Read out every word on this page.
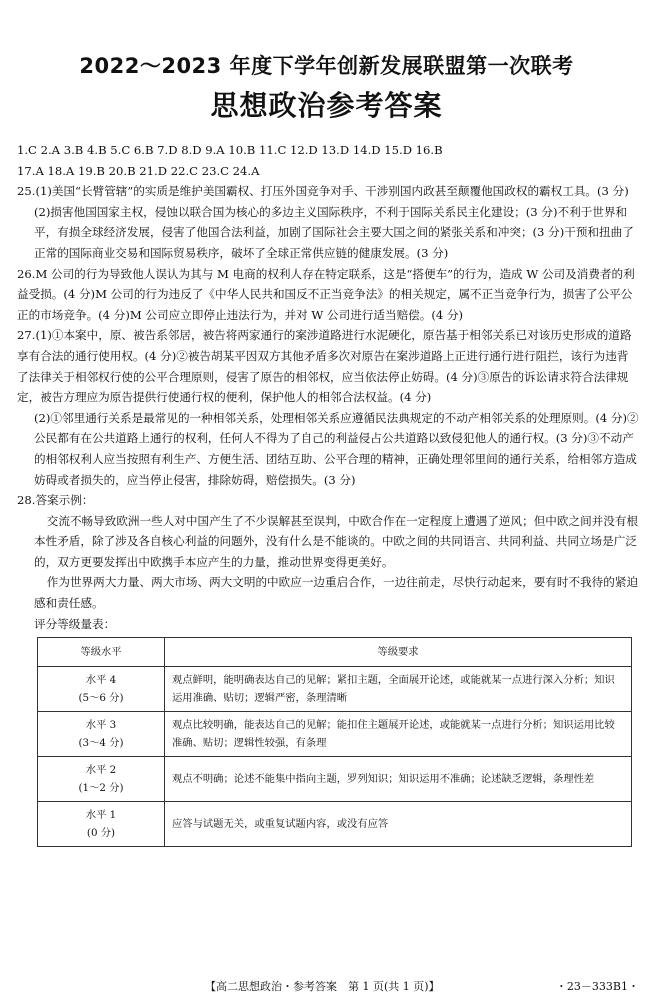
2022～2023 年度下学年创新发展联盟第一次联考
思想政治参考答案

1.C 2.A 3.B 4.B 5.C 6.B 7.D 8.D 9.A 10.B 11.C 12.D 13.D 14.D 15.D 16.B

17.A 18.A 19.B 20.B 21.D 22.C 23.C 24.A

25.(1)美国“长臂管辖”的实质是维护美国霸权、打压外国竞争对手、干涉别国内政甚至颠覆他国政权的霸权工具。(3 分)

(2)损害他国国家主权，侵蚀以联合国为核心的多边主义国际秩序，不利于国际关系民主化建设；(3 分)不利于世界和平，有损全球经济发展，侵害了他国合法利益，加剧了国际社会主要大国之间的紧张关系和冲突；(3 分)干预和扭曲了正常的国际商业交易和国际贸易秩序，破坏了全球正常供应链的健康发展。(3 分)

26.M 公司的行为导致他人误认为其与 M 电商的权利人存在特定联系，这是“搭便车”的行为，造成 W 公司及消费者的利益受损。(4 分)M 公司的行为违反了《中华人民共和国反不正当竞争法》的相关规定，属不正当竞争行为，损害了公平公正的市场竞争。(4 分)M 公司应立即停止违法行为，并对 W 公司进行适当赔偿。(4 分)

27.(1)①本案中，原、被告系邻居，被告将两家通行的案涉道路进行水泥硬化，原告基于相邻关系已对该历史形成的道路享有合法的通行使用权。(4 分)②被告胡某平因双方其他矛盾多次对原告在案涉道路上正进行通行进行阻拦，该行为违背了法律关于相邻权行使的公平合理原则，侵害了原告的相邻权，应当依法停止妨碍。(4 分)③原告的诉讼请求符合法律规定，被告方理应为原告提供行使通行权的便利，保护他人的相邻合法权益。(4 分)

(2)①邻里通行关系是最常见的一种相邻关系，处理相邻关系应遵循民法典规定的不动产相邻关系的处理原则。(4 分)②公民都有在公共道路上通行的权利，任何人不得为了自己的利益侵占公共道路以致侵犯他人的通行权。(3 分)③不动产的相邻权利人应当按照有利生产、方便生活、团结互助、公平合理的精神，正确处理邻里间的通行关系，给相邻方造成妨碍或者损失的，应当停止侵害，排除妨碍，赔偿损失。(3 分)

28.答案示例：

交流不畅导致欧洲一些人对中国产生了不少误解甚至误判，中欧合作在一定程度上遭遇了逆风；但中欧之间并没有根本性矛盾，除了涉及各自核心利益的问题外，没有什么是不能谈的。中欧之间的共同语言、共同利益、共同立场是广泛的，双方更要发挥出中欧携手本应产生的力量，推动世界变得更美好。

作为世界两大力量、两大市场、两大文明的中欧应一边重启合作，一边往前走，尽快行动起来，要有时不我待的紧迫感和责任感。

评分等级量表：

等级水平	等级要求

水平 4
(5～6 分)	观点鲜明，能明确表达自己的见解；紧扣主题，全面展开论述，或能就某一点进行深入分析；知识运用准确、贴切；逻辑严密，条理清晰

水平 3
(3～4 分)	观点比较明确，能表达自己的见解；能扣住主题展开论述，或能就某一点进行分析；知识运用比较准确、贴切；逻辑性较强，有条理

水平 2
(1～2 分)	观点不明确；论述不能集中指向主题，罗列知识；知识运用不准确；论述缺乏逻辑，条理性差

水平 1
(0 分)	应答与试题无关，或重复试题内容，或没有应答
【高二思想政治・参考答案　第 1 页(共 1 页)】	・23－333B1・
